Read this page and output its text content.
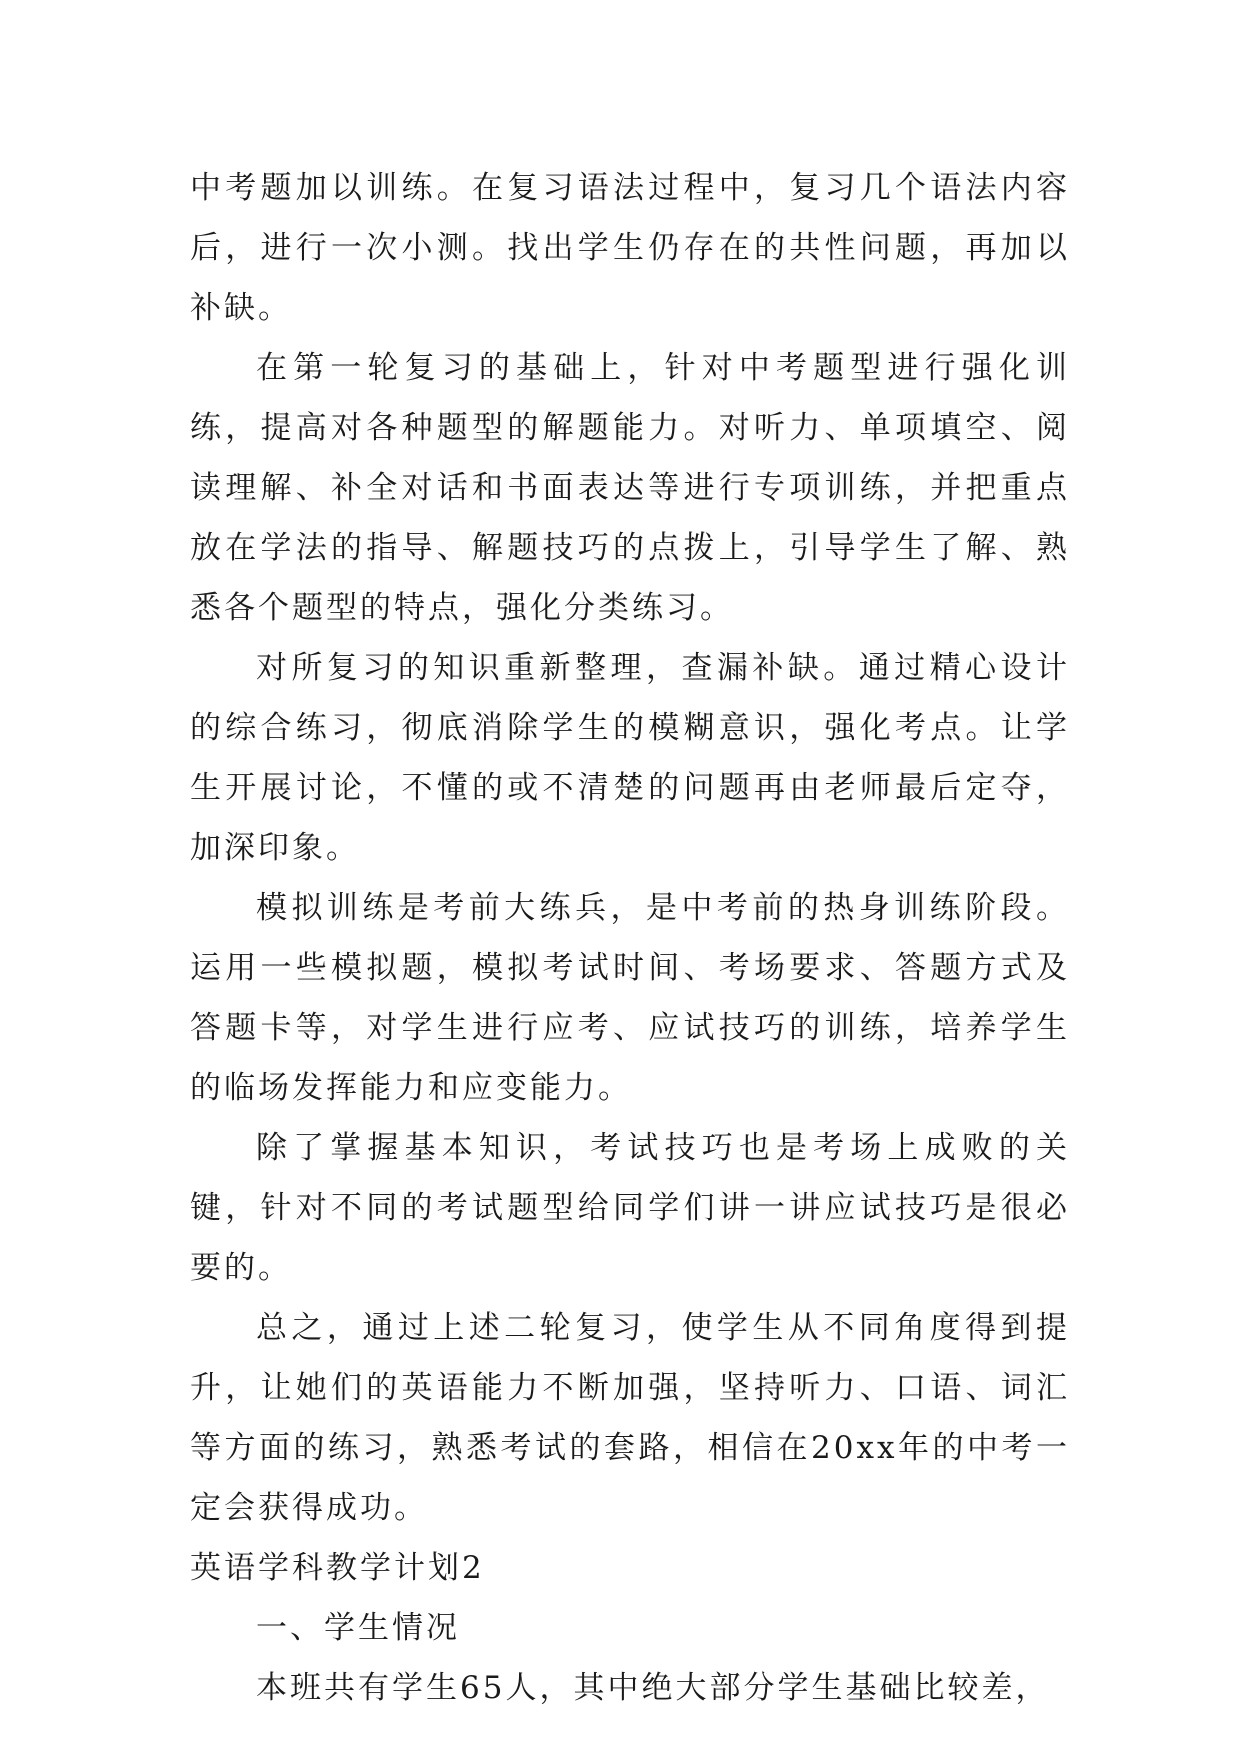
中考题加以训练。在复习语法过程中，复习几个语法内容后，进行一次小测。找出学生仍存在的共性问题，再加以补缺。

在第一轮复习的基础上，针对中考题型进行强化训练，提高对各种题型的解题能力。对听力、单项填空、阅读理解、补全对话和书面表达等进行专项训练，并把重点放在学法的指导、解题技巧的点拨上，引导学生了解、熟悉各个题型的特点，强化分类练习。

对所复习的知识重新整理，查漏补缺。通过精心设计的综合练习，彻底消除学生的模糊意识，强化考点。让学生开展讨论，不懂的或不清楚的问题再由老师最后定夺，加深印象。

模拟训练是考前大练兵，是中考前的热身训练阶段。运用一些模拟题，模拟考试时间、考场要求、答题方式及答题卡等，对学生进行应考、应试技巧的训练，培养学生的临场发挥能力和应变能力。

除了掌握基本知识，考试技巧也是考场上成败的关键，针对不同的考试题型给同学们讲一讲应试技巧是很必要的。

总之，通过上述二轮复习，使学生从不同角度得到提升，让她们的英语能力不断加强，坚持听力、口语、词汇等方面的练习，熟悉考试的套路，相信在20xx年的中考一定会获得成功。

英语学科教学计划2

一、学生情况

本班共有学生65人，其中绝大部分学生基础比较差，
